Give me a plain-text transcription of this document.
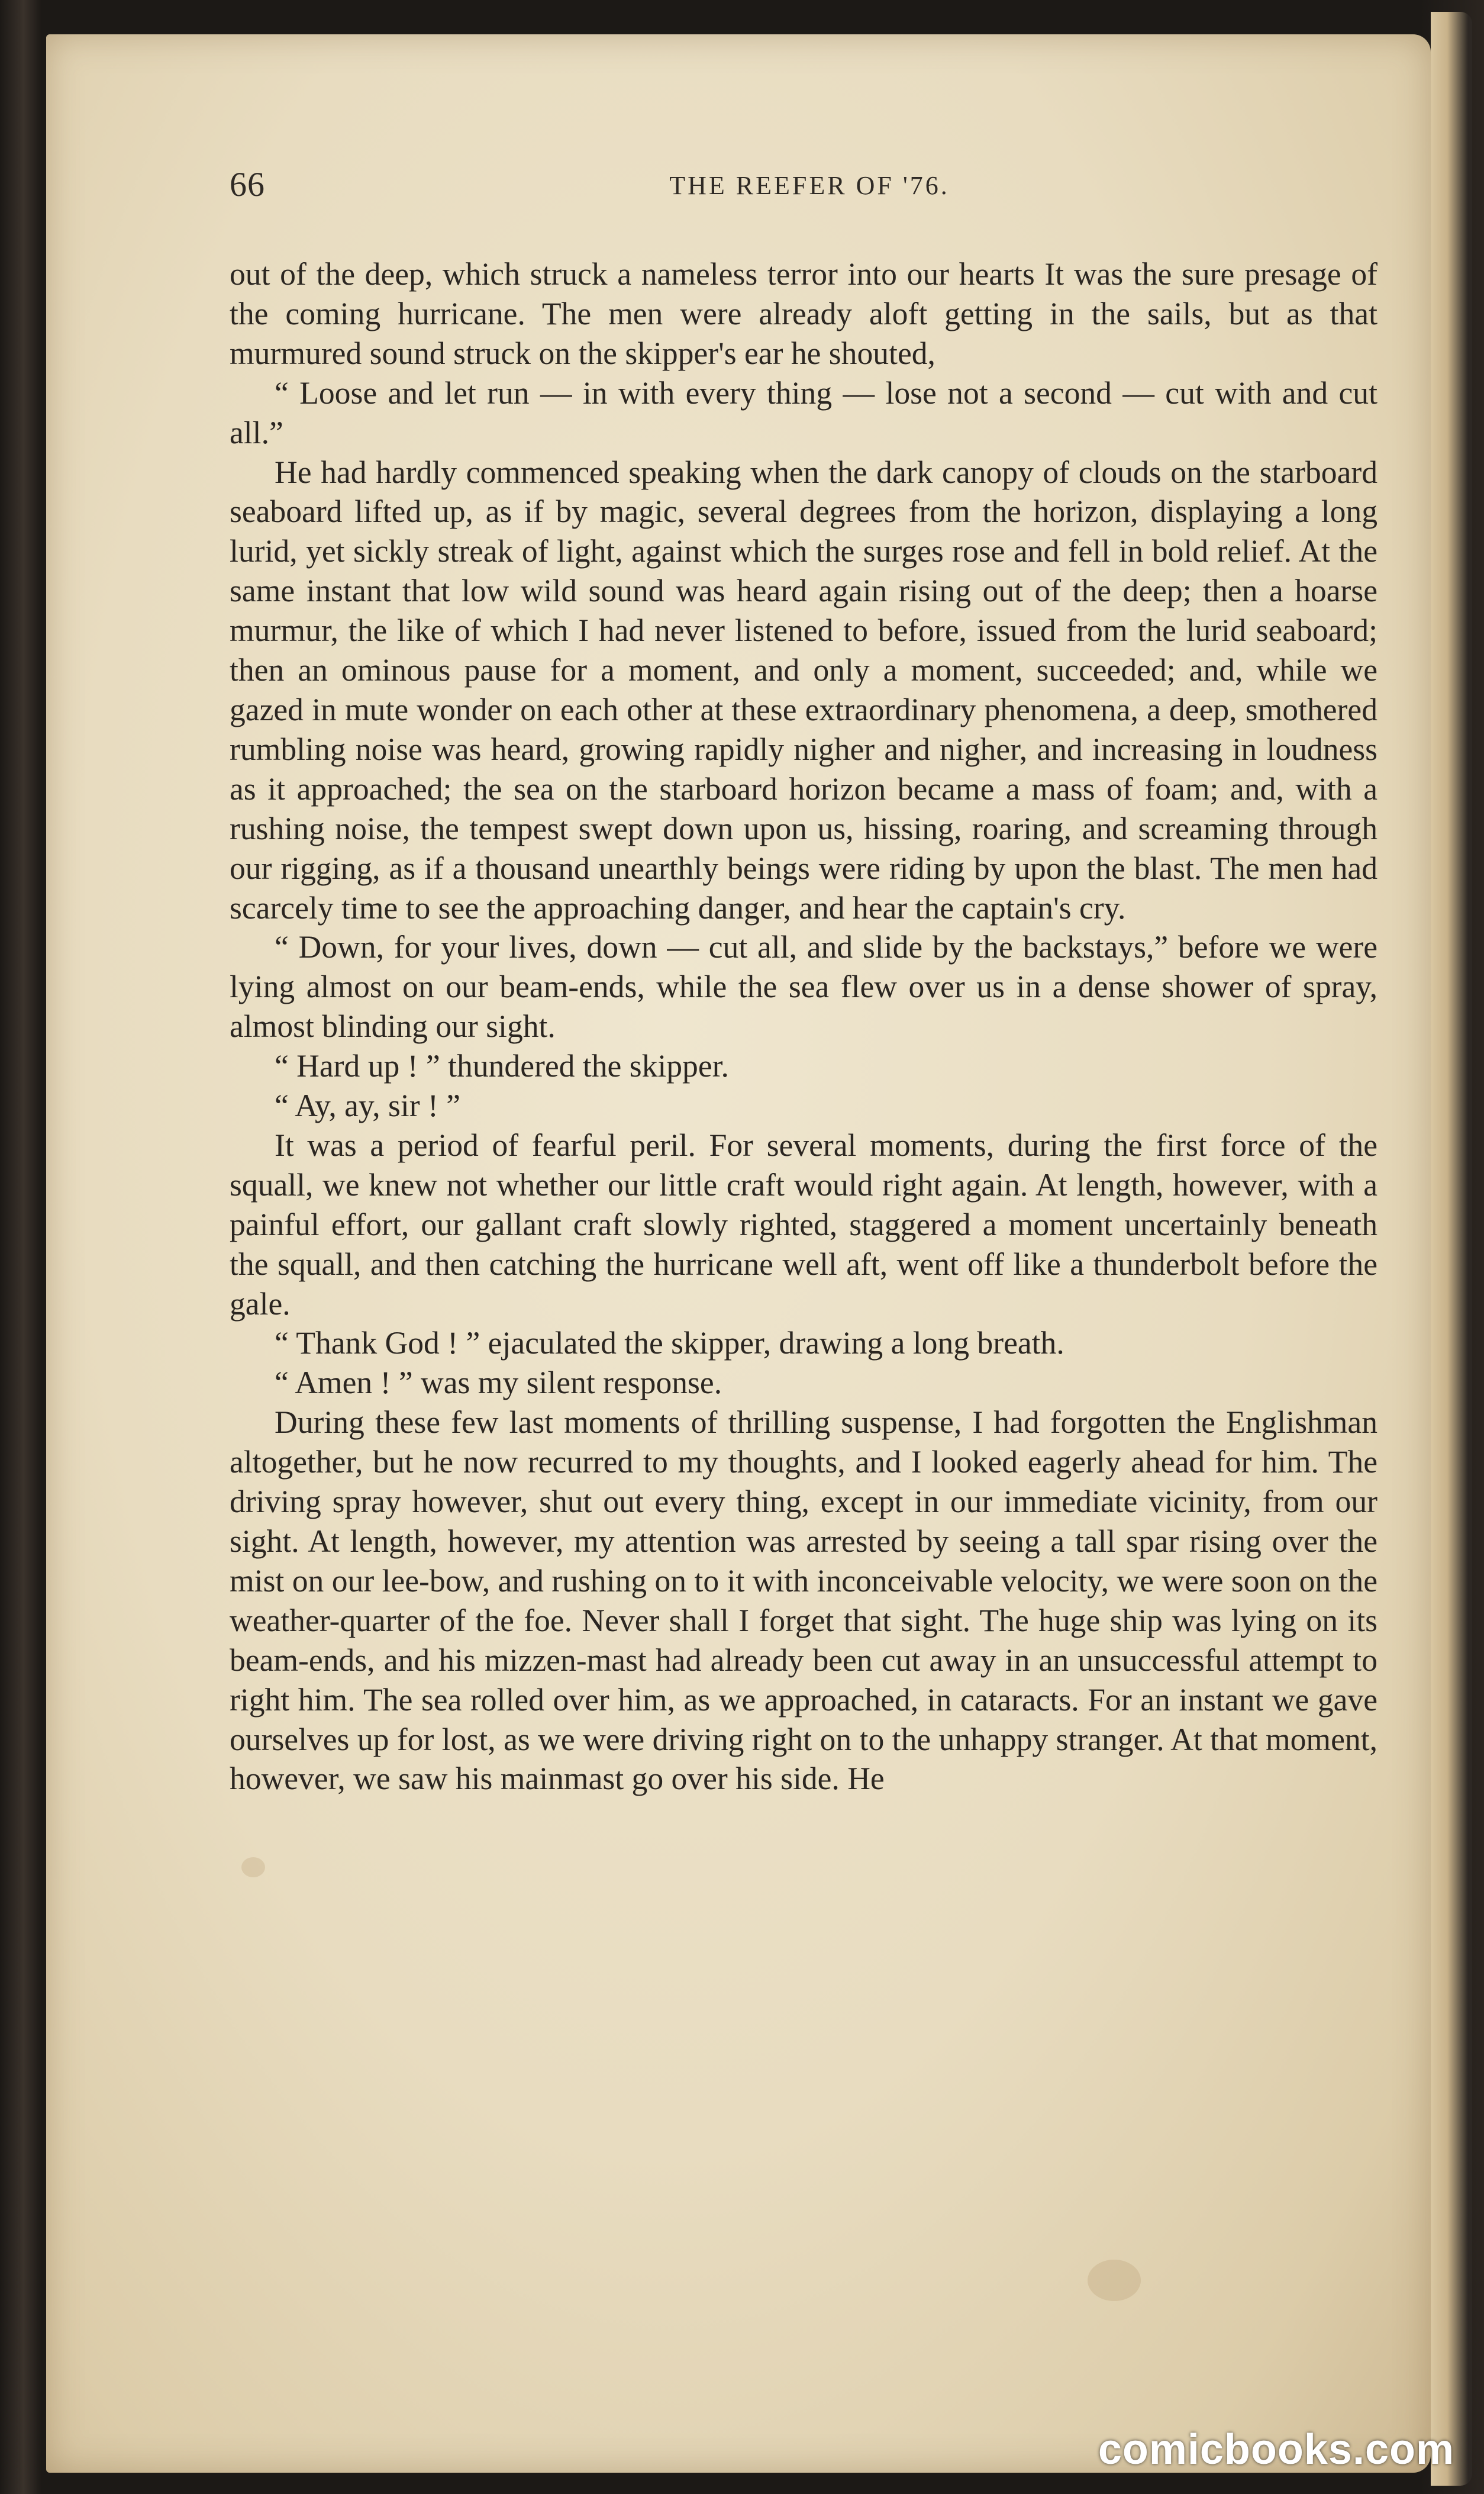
66	THE REEFER OF '76.

out of the deep, which struck a nameless terror into our hearts It was the sure presage of the coming hurricane. The men were already aloft getting in the sails, but as that murmured sound struck on the skipper's ear he shouted,

“ Loose and let run — in with every thing — lose not a second — cut with and cut all.”

He had hardly commenced speaking when the dark canopy of clouds on the starboard seaboard lifted up, as if by magic, several degrees from the horizon, displaying a long lurid, yet sickly streak of light, against which the surges rose and fell in bold relief. At the same instant that low wild sound was heard again rising out of the deep; then a hoarse murmur, the like of which I had never listened to before, issued from the lurid seaboard; then an ominous pause for a moment, and only a moment, succeeded; and, while we gazed in mute wonder on each other at these extraordinary phenomena, a deep, smothered rumbling noise was heard, growing rapidly nigher and nigher, and increasing in loudness as it approached; the sea on the starboard horizon became a mass of foam; and, with a rushing noise, the tempest swept down upon us, hissing, roaring, and screaming through our rigging, as if a thousand unearthly beings were riding by upon the blast. The men had scarcely time to see the approaching danger, and hear the captain's cry.

“ Down, for your lives, down — cut all, and slide by the backstays,” before we were lying almost on our beam-ends, while the sea flew over us in a dense shower of spray, almost blinding our sight.

“ Hard up ! ” thundered the skipper.

“ Ay, ay, sir ! ”

It was a period of fearful peril. For several moments, during the first force of the squall, we knew not whether our little craft would right again. At length, however, with a painful effort, our gallant craft slowly righted, staggered a moment uncertainly beneath the squall, and then catching the hurricane well aft, went off like a thunderbolt before the gale.

“ Thank God ! ” ejaculated the skipper, drawing a long breath.

“ Amen ! ” was my silent response.

During these few last moments of thrilling suspense, I had forgotten the Englishman altogether, but he now recurred to my thoughts, and I looked eagerly ahead for him. The driving spray however, shut out every thing, except in our immediate vicinity, from our sight. At length, however, my attention was arrested by seeing a tall spar rising over the mist on our lee-bow, and rushing on to it with inconceivable velocity, we were soon on the weather-quarter of the foe. Never shall I forget that sight. The huge ship was lying on its beam-ends, and his mizzen-mast had already been cut away in an unsuccessful attempt to right him. The sea rolled over him, as we approached, in cataracts. For an instant we gave ourselves up for lost, as we were driving right on to the unhappy stranger. At that moment, however, we saw his mainmast go over his side. He

comicbooks.com
